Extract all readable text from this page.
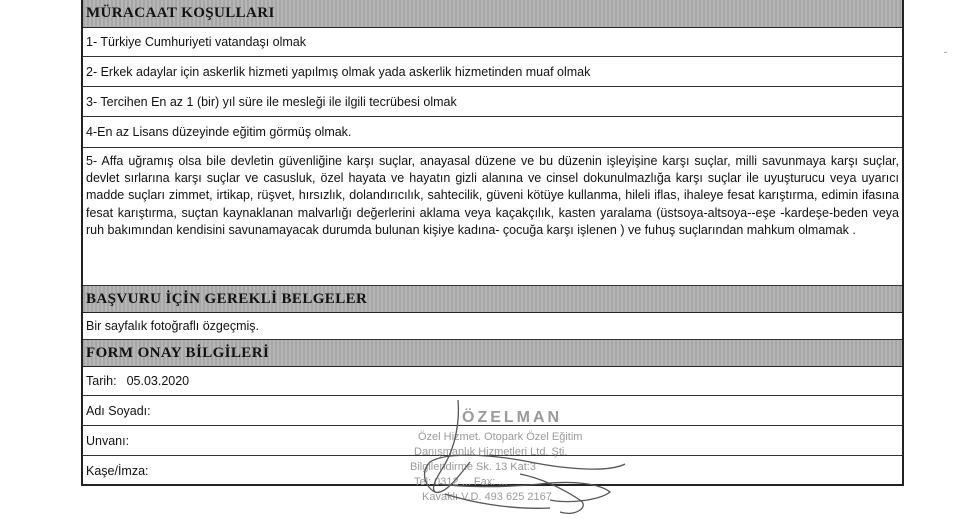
MÜRACAAT KOŞULLARI
1- Türkiye Cumhuriyeti vatandaşı olmak
2- Erkek adaylar için askerlik hizmeti yapılmış olmak yada askerlik hizmetinden muaf olmak
3- Tercihen En az 1 (bir) yıl süre ile mesleği ile ilgili tecrübesi olmak
4-En az Lisans düzeyinde eğitim görmüş olmak.
5- Affa uğramış olsa bile devletin güvenliğine karşı suçlar, anayasal düzene ve bu düzenin işleyişine karşı suçlar, milli savunmaya karşı suçlar, devlet sırlarına karşı suçlar ve casusluk, özel hayata ve hayatın gizli alanına ve cinsel dokunulmazlığa karşı suçlar ile uyuşturucu veya uyarıcı madde suçları zimmet, irtikap, rüşvet, hırsızlık, dolandırıcılık, sahtecilik, güveni kötüye kullanma, hileli iflas, ihaleye fesat karıştırma, edimin ifasına fesat karıştırma, suçtan kaynaklanan malvarlığı değerlerini aklama veya kaçakçılık, kasten yaralama (üstsoya-altsoya--eşe -kardeşe-beden veya ruh bakımından kendisini savunamayacak durumda bulunan kişiye kadına- çocuğa karşı işlenen ) ve fuhuş suçlarından mahkum olmamak .
BAŞVURU İÇİN GEREKLİ BELGELER
Bir sayfalık fotoğraflı özgeçmiş.
FORM ONAY BİLGİLERİ
Tarih: 05.03.2020
Adı Soyadı:
Unvanı:
Kaşe/İmza:
ÖZELMAN
Özel Hizmet. Otopark Özel Eğitim
Danışmanlık Hizmetleri Ltd. Şti.
Bilgilendirme Sk. 13 Kat:3
Tel: 0312 ... Fax: ...
Kavaklı V.D. 493 625 2167
